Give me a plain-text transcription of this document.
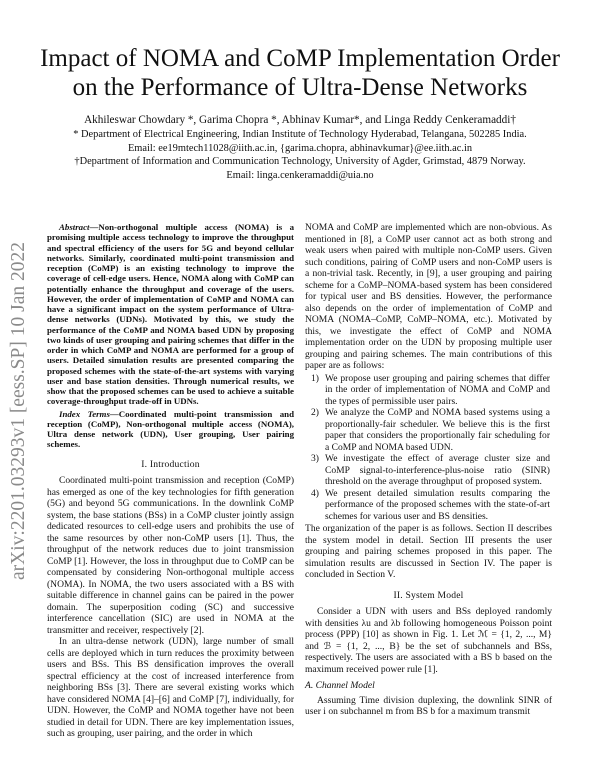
arXiv:2201.03293v1 [eess.SP] 10 Jan 2022
Impact of NOMA and CoMP Implementation Order
on the Performance of Ultra-Dense Networks
Akhileswar Chowdary *, Garima Chopra *, Abhinav Kumar*, and Linga Reddy Cenkeramaddi†
* Department of Electrical Engineering, Indian Institute of Technology Hyderabad, Telangana, 502285 India.
Email: ee19mtech11028@iith.ac.in, {garima.chopra, abhinavkumar}@ee.iith.ac.in
†Department of Information and Communication Technology, University of Agder, Grimstad, 4879 Norway.
Email: linga.cenkeramaddi@uia.no

Abstract—Non-orthogonal multiple access (NOMA) is a promising multiple access technology to improve the throughput and spectral efficiency of the users for 5G and beyond cellular networks. Similarly, coordinated multi-point transmission and reception (CoMP) is an existing technology to improve the coverage of cell-edge users. Hence, NOMA along with CoMP can potentially enhance the throughput and coverage of the users. However, the order of implementation of CoMP and NOMA can have a significant impact on the system performance of Ultra-dense networks (UDNs). Motivated by this, we study the performance of the CoMP and NOMA based UDN by proposing two kinds of user grouping and pairing schemes that differ in the order in which CoMP and NOMA are performed for a group of users. Detailed simulation results are presented comparing the proposed schemes with the state-of-the-art systems with varying user and base station densities. Through numerical results, we show that the proposed schemes can be used to achieve a suitable coverage-throughput trade-off in UDNs.

Index Terms—Coordinated multi-point transmission and reception (CoMP), Non-orthogonal multiple access (NOMA), Ultra dense network (UDN), User grouping, User pairing schemes.

I. Introduction

Coordinated multi-point transmission and reception (CoMP) has emerged as one of the key technologies for fifth generation (5G) and beyond 5G communications. In the downlink CoMP system, the base stations (BSs) in a CoMP cluster jointly assign dedicated resources to cell-edge users and prohibits the use of the same resources by other non-CoMP users [1]. Thus, the throughput of the network reduces due to joint transmission CoMP [1]. However, the loss in throughput due to CoMP can be compensated by considering Non-orthogonal multiple access (NOMA). In NOMA, the two users associated with a BS with suitable difference in channel gains can be paired in the power domain. The superposition coding (SC) and successive interference cancellation (SIC) are used in NOMA at the transmitter and receiver, respectively [2].

In an ultra-dense network (UDN), large number of small cells are deployed which in turn reduces the proximity between users and BSs. This BS densification improves the overall spectral efficiency at the cost of increased interference from neighboring BSs [3]. There are several existing works which have considered NOMA [4]–[6] and CoMP [7], individually, for UDN. However, the CoMP and NOMA together have not been studied in detail for UDN. There are key implementation issues, such as grouping, user pairing, and the order in which

NOMA and CoMP are implemented which are non-obvious. As mentioned in [8], a CoMP user cannot act as both strong and weak users when paired with multiple non-CoMP users. Given such conditions, pairing of CoMP users and non-CoMP users is a non-trivial task. Recently, in [9], a user grouping and pairing scheme for a CoMP–NOMA-based system has been considered for typical user and BS densities. However, the performance also depends on the order of implementation of CoMP and NOMA (NOMA–CoMP, CoMP–NOMA, etc.). Motivated by this, we investigate the effect of CoMP and NOMA implementation order on the UDN by proposing multiple user grouping and pairing schemes. The main contributions of this paper are as follows:

1) We propose user grouping and pairing schemes that differ in the order of implementation of NOMA and CoMP and the types of permissible user pairs.
2) We analyze the CoMP and NOMA based systems using a proportionally-fair scheduler. We believe this is the first paper that considers the proportionally fair scheduling for a CoMP and NOMA based UDN.
3) We investigate the effect of average cluster size and CoMP signal-to-interference-plus-noise ratio (SINR) threshold on the average throughput of proposed system.
4) We present detailed simulation results comparing the performance of the proposed schemes with the state-of-art schemes for various user and BS densities.

The organization of the paper is as follows. Section II describes the system model in detail. Section III presents the user grouping and pairing schemes proposed in this paper. The simulation results are discussed in Section IV. The paper is concluded in Section V.

II. System Model

Consider a UDN with users and BSs deployed randomly with densities λu and λb following homogeneous Poisson point process (PPP) [10] as shown in Fig. 1. Let ℳ = {1, 2, ..., M} and ℬ = {1, 2, ..., B} be the set of subchannels and BSs, respectively. The users are associated with a BS b based on the maximum received power rule [1].

A. Channel Model

Assuming Time division duplexing, the downlink SINR of user i on subchannel m from BS b for a maximum transmit
